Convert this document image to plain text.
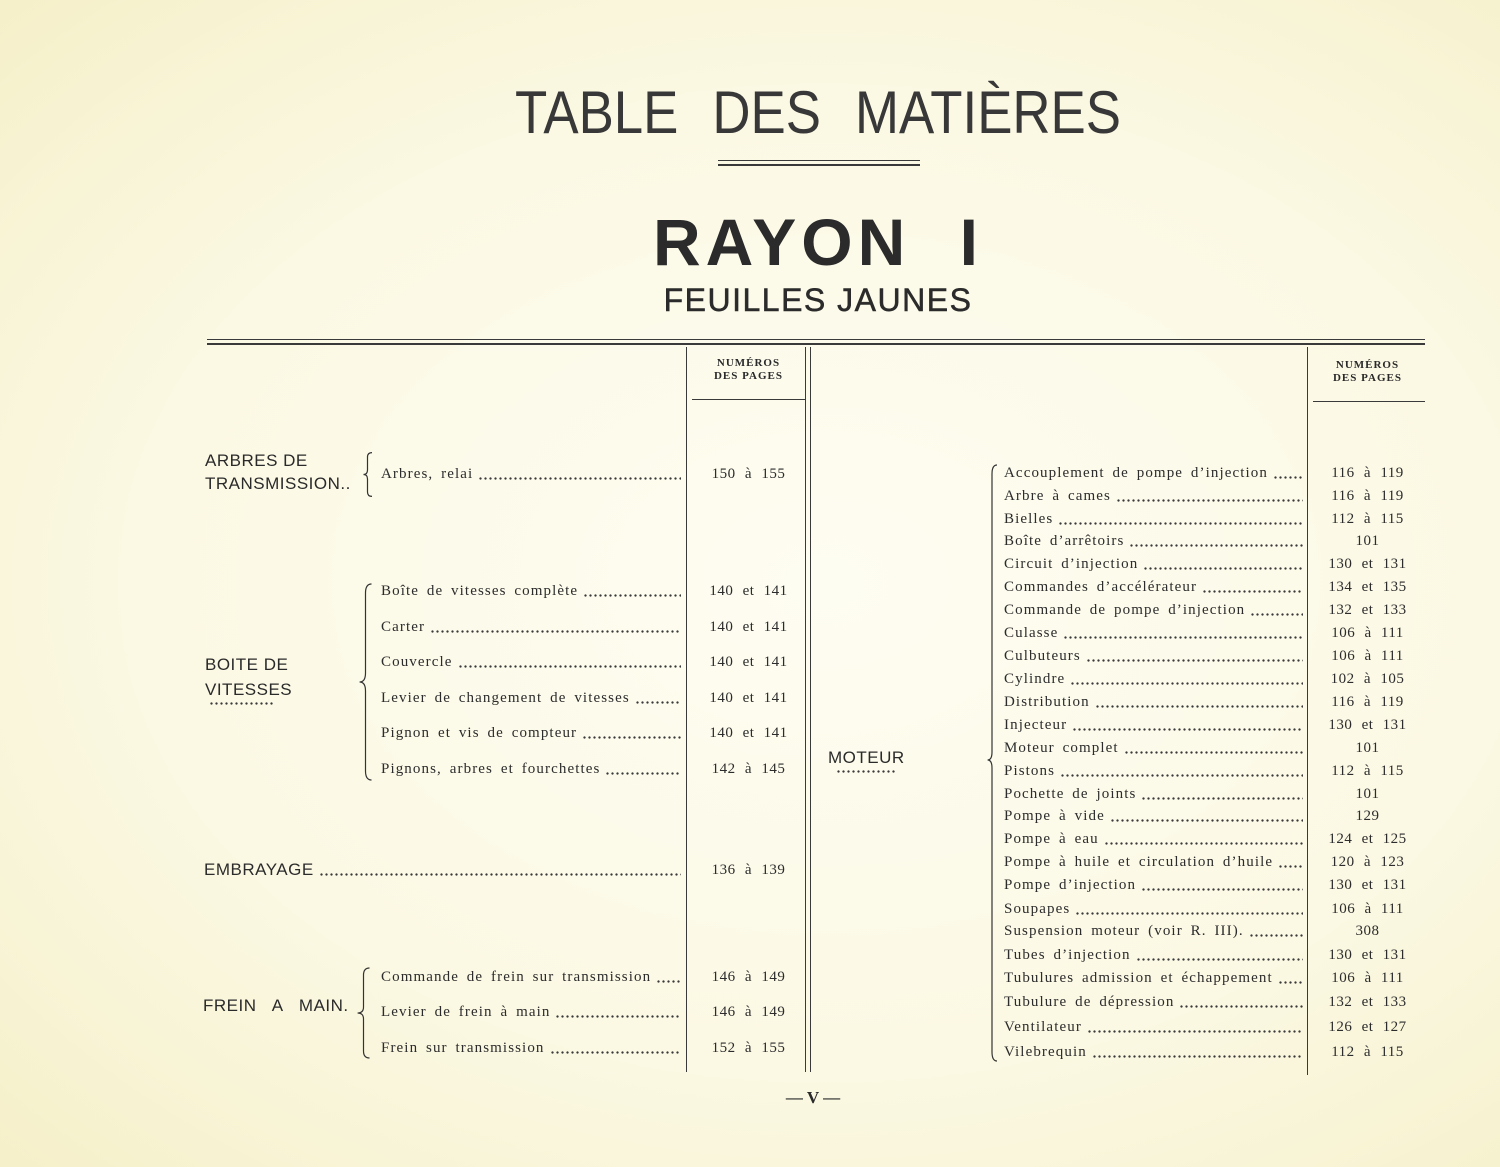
TABLE DES MATIÈRES
RAYON I
FEUILLES JAUNES
NUMÉROS
DES PAGES
NUMÉROS
DES PAGES
ARBRES DE
TRANSMISSION.. Arbres, relai	150 à 155
BOITE DE
VITESSES
Boîte de vitesses complète	140 et 141
Carter	140 et 141
Couvercle	140 et 141
Levier de changement de vitesses	140 et 141
Pignon et vis de compteur	140 et 141
Pignons, arbres et fourchettes	142 à 145
EMBRAYAGE	136 à 139
FREIN A MAIN.
Commande de frein sur transmission	146 à 149
Levier de frein à main	146 à 149
Frein sur transmission	152 à 155
MOTEUR
Accouplement de pompe d’injection	116 à 119
Arbre à cames	116 à 119
Bielles	112 à 115
Boîte d’arrêtoirs	101
Circuit d’injection	130 et 131
Commandes d’accélérateur	134 et 135
Commande de pompe d’injection	132 et 133
Culasse	106 à 111
Culbuteurs	106 à 111
Cylindre	102 à 105
Distribution	116 à 119
Injecteur	130 et 131
Moteur complet	101
Pistons	112 à 115
Pochette de joints	101
Pompe à vide	129
Pompe à eau	124 et 125
Pompe à huile et circulation d’huile	120 à 123
Pompe d’injection	130 et 131
Soupapes	106 à 111
Suspension moteur (voir R. III).	308
Tubes d’injection	130 et 131
Tubulures admission et échappement	106 à 111
Tubulure de dépression	132 et 133
Ventilateur	126 et 127
Vilebrequin	112 à 115
— V —
